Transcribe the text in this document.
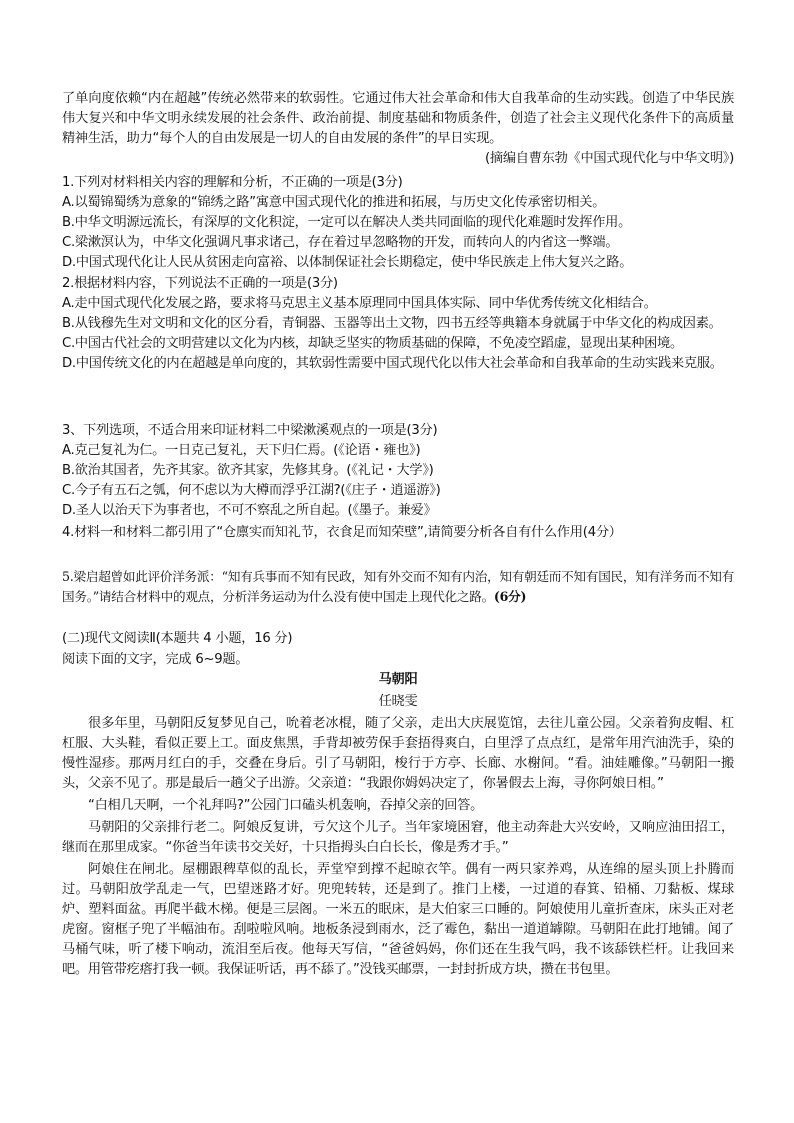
了单向度依赖“内在超越”传统必然带来的软弱性。它通过伟大社会革命和伟大自我革命的生动实践。创造了中华民族伟大复兴和中华文明永续发展的社会条件、政治前提、制度基础和物质条件，创造了社会主义现代化条件下的高质量精神生活，助力“每个人的自由发展是一切人的自由发展的条件”的早日实现。

(摘编自曹东勃《中国式现代化与中华文明》)

1.下列对材料相关内容的理解和分析，不正确的一项是(3分)
A.以蜀锦蜀绣为意象的“锦绣之路”寓意中国式现代化的推进和拓展，与历史文化传承密切相关。
B.中华文明源远流长，有深厚的文化积淀，一定可以在解决人类共同面临的现代化难题时发挥作用。
C.梁漱溟认为，中华文化强调凡事求诸己，存在着过早忽略物的开发，而转向人的内省这一弊端。
D.中国式现代化让人民从贫困走向富裕、以体制保证社会长期稳定，使中华民族走上伟大复兴之路。
2.根据材料内容，下列说法不正确的一项是(3分)
A.走中国式现代化发展之路，要求将马克思主义基本原理同中国具体实际、同中华优秀传统文化相结合。
B.从钱穆先生对文明和文化的区分看，青铜器、玉器等出土文物，四书五经等典籍本身就属于中华文化的构成因素。
C.中国古代社会的文明营建以文化为内核，却缺乏坚实的物质基础的保障，不免凌空蹈虚，显现出某种困境。
D.中国传统文化的内在超越是单向度的，其软弱性需要中国式现代化以伟大社会革命和自我革命的生动实践来克服。
3、下列选项，不适合用来印证材料二中梁漱溪观点的一项是(3分)
A.克己复礼为仁。一日克己复礼，天下归仁焉。(《论语・雍也》)
B.欲治其国者，先齐其家。欲齐其家，先修其身。(《礼记・大学》)
C.今子有五石之瓠，何不虑以为大樽而浮乎江湖?(《庄子・逍遥游》)
D.圣人以治天下为事者也，不可不察乱之所自起。(《墨子。兼爱》

4.材料一和材料二都引用了“仓廪实而知礼节，衣食足而知荣壁”,请简要分析各自有什么作用(4分）

5.梁启超曾如此评价洋务派：“知有兵事而不知有民政，知有外交而不知有内治，知有朝廷而不知有国民，知有洋务而不知有国务。”请结合材料中的观点，分析洋务运动为什么没有使中国走上现代化之路。(6分)

(二)现代文阅读Ⅱ(本题共 4 小题，16 分)

阅读下面的文字，完成 6~9题。

马朝阳

任晓雯

很多年里，马朝阳反复梦见自己，吮着老冰棍，随了父亲，走出大庆展览馆，去往儿童公园。父亲着狗皮帽、杠杠服、大头鞋，看似正要上工。面皮焦黑，手背却被劳保手套捂得爽白，白里浮了点点红，是常年用汽油洗手，染的慢性湿疹。那两月红白的手，交叠在身后。引了马朝阳，梭行于方亭、长廊、水榭间。“看。油娃雕像。”马朝阳一搬头，父亲不见了。那是最后一趟父子出游。父亲道：“我跟你姆妈决定了，你暑假去上海，寻你阿娘日相。”
“白相几天啊，一个礼拜吗?”公园门口磕头机轰响，吞掉父亲的回答。
马朝阳的父亲排行老二。阿娘反复讲，亏欠这个儿子。当年家境困窘，他主动奔赴大兴安岭，又响应油田招工，继而在那里成家。“你爸当年读书交关好，十只指拇头白白长长，像是秀才手。”
阿娘住在闸北。屋棚跟稗草似的乱长，弄堂窄到撑不起晾衣竿。偶有一两只家养鸡，从连绵的屋头顶上扑腾而过。马朝阳放学乱走一气，巴望迷路才好。兜兜转转，还是到了。推门上楼，一过道的春箕、铅桶、刀黏板、煤球炉、塑料面盆。再爬半截木梯。便是三层阁。一米五的眠床，是大伯家三口睡的。阿娘使用儿童折查床，床头正对老虎窗。窗框子兜了半幅油布。刮啦啦风响。地板条浸到雨水，泛了霉色，黏出一道道罅隙。马朝阳在此打地铺。闻了马桶气味，听了楼下响动，流泪至后夜。他每天写信，“爸爸妈妈，你们还在生我气吗，我不该舔铁栏杆。让我回来吧。用管带疙瘩打我一顿。我保证听话，再不舔了。”没钱买邮票，一封封折成方块，攒在书包里。
